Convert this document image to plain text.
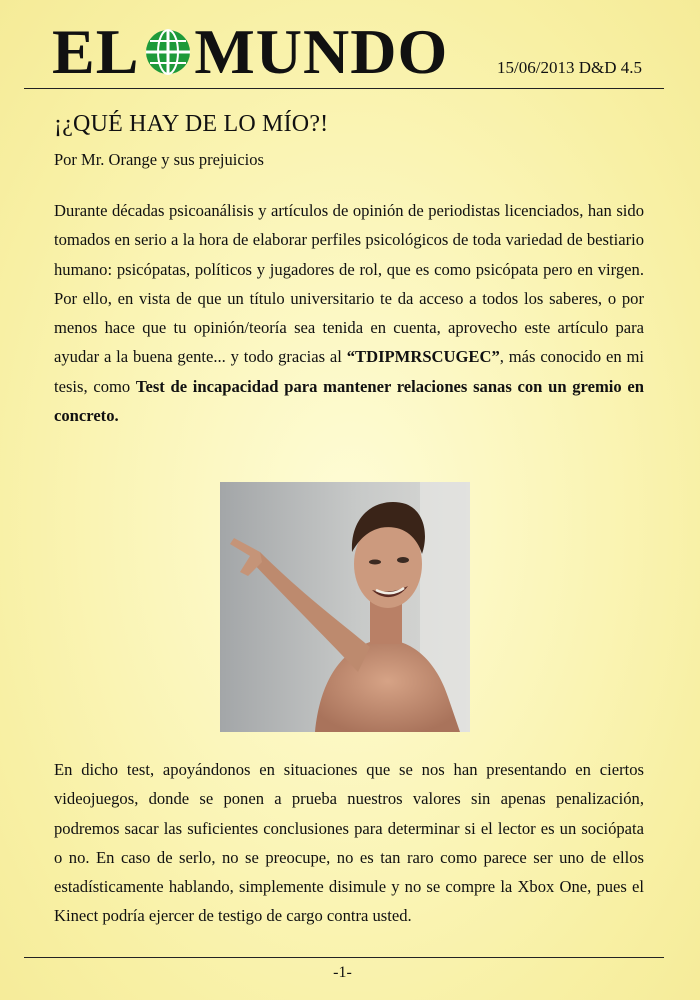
EL MUNDO	15/06/2013 D&D 4.5
¡¿QUÉ HAY DE LO MÍO?!
Por Mr. Orange y sus prejuicios

Durante décadas psicoanálisis y artículos de opinión de periodistas licenciados, han sido tomados en serio a la hora de elaborar perfiles psicológicos de toda variedad de bestiario humano: psicópatas, políticos y jugadores de rol, que es como psicópata pero en virgen. Por ello, en vista de que un título universitario te da acceso a todos los saberes, o por menos hace que tu opinión/teoría sea tenida en cuenta, aprovecho este artículo para ayudar a la buena gente... y todo gracias al “TDIPMRSCUGEC”, más conocido en mi tesis, como Test de incapacidad para mantener relaciones sanas con un gremio en concreto.

En dicho test, apoyándonos en situaciones que se nos han presentando en ciertos videojuegos, donde se ponen a prueba nuestros valores sin apenas penalización, podremos sacar las suficientes conclusiones para determinar si el lector es un sociópata o no. En caso de serlo, no se preocupe, no es tan raro como parece ser uno de ellos estadísticamente hablando, simplemente disimule y no se compre la Xbox One, pues el Kinect podría ejercer de testigo de cargo contra usted.

-1-
